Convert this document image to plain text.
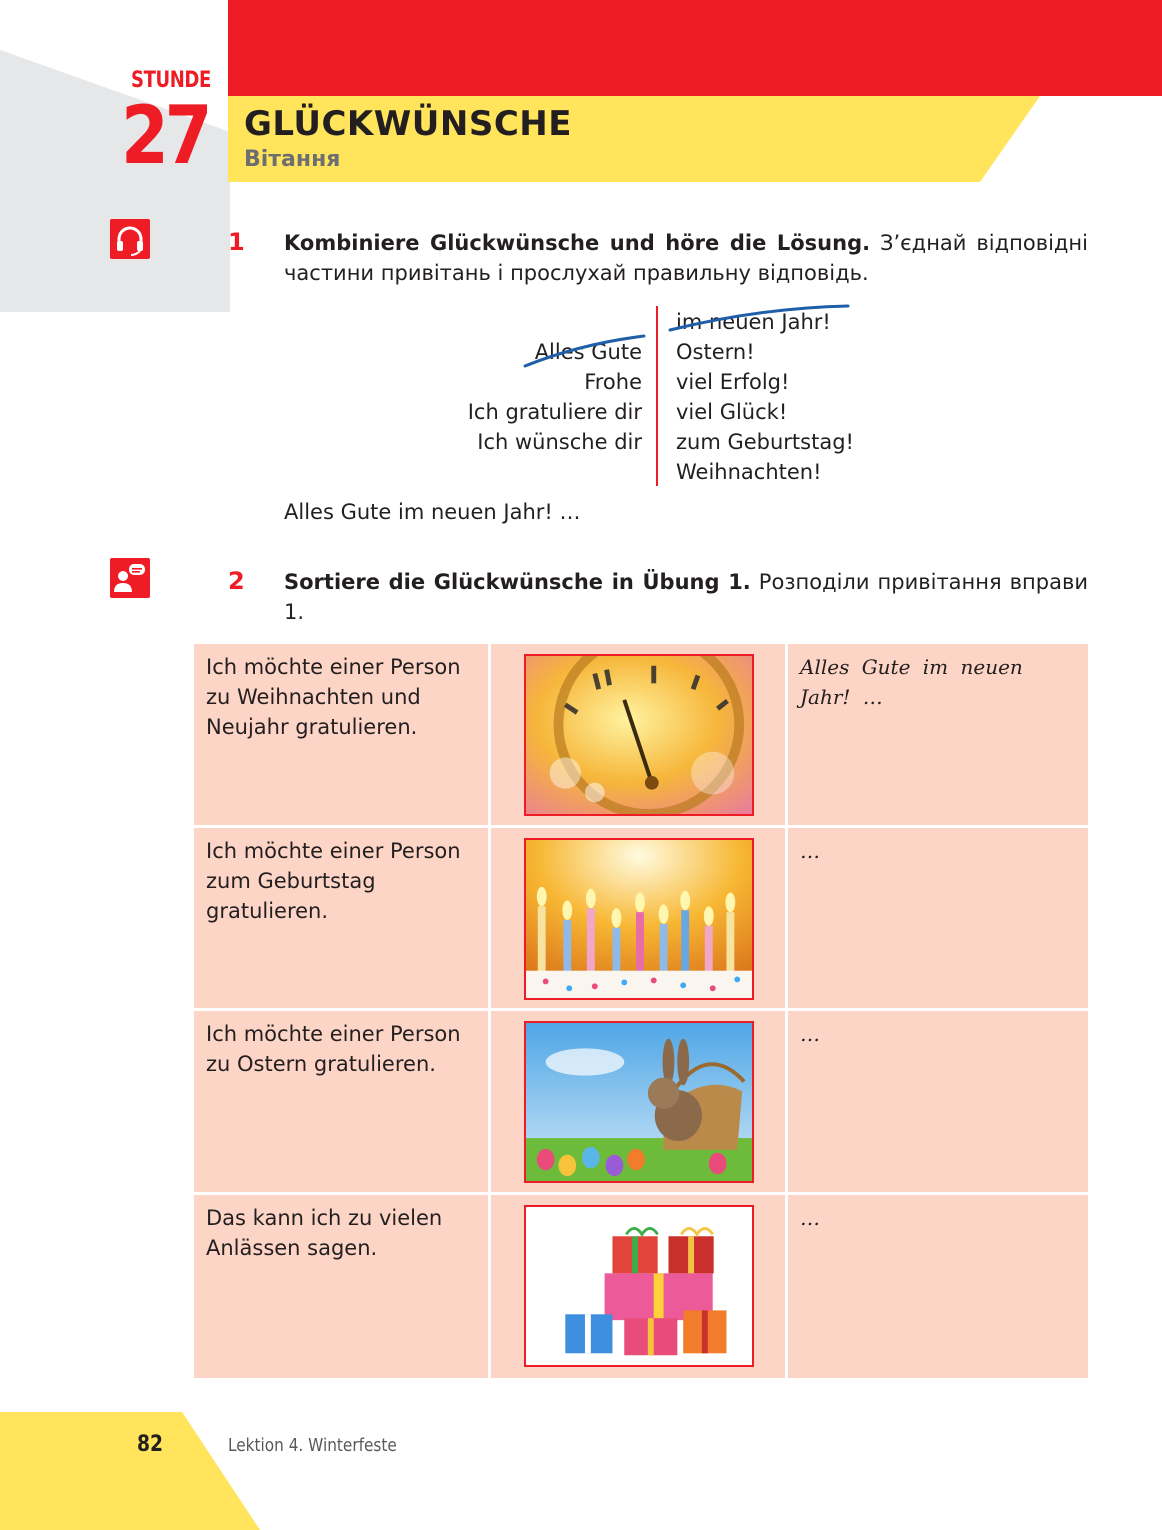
STUNDE
27 GLÜCKWÜNSCHE
Вітання
1 Kombiniere Glückwünsche und höre die Lösung. З’єднай відповідні частини привітань і прослухай правильну відповідь.
Alles Gute
Frohe
Ich gratuliere dir
Ich wünsche dir
im neuen Jahr!
Ostern!
viel Erfolg!
viel Glück!
zum Geburtstag!
Weihnachten!
Alles Gute im neuen Jahr! …
2 Sortiere die Glückwünsche in Übung 1. Розподіли привітання вправи 1.
Ich möchte einer Person zu Weihnachten und Neujahr gratulieren.		Alles Gute im neuen Jahr! …
Ich möchte einer Person zum Geburtstag gratulieren.		…
Ich möchte einer Person zu Ostern gratulieren.		…
Das kann ich zu vielen Anlässen sagen.		…
82	Lektion 4. Winterfeste
